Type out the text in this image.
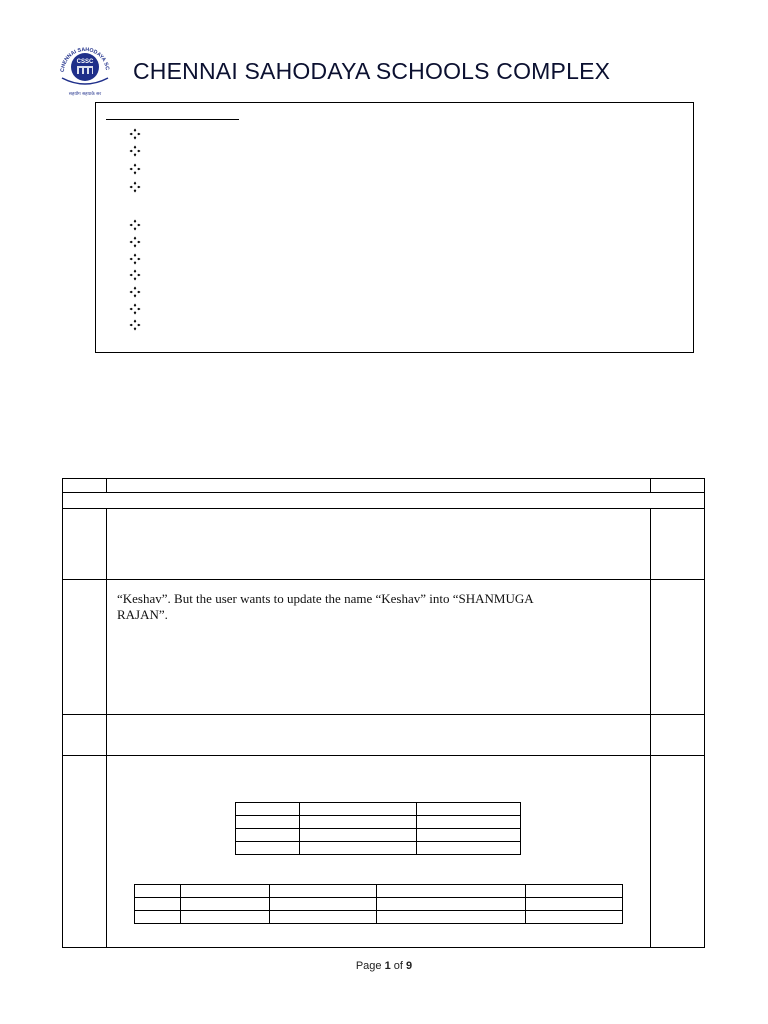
CHENNAI SAHODAYA SC
CSSC
सहयोग सहयाके सर
CHENNAI SAHODAYA SCHOOLS COMPLEX
“Keshav”. But the user wants to update the name “Keshav” into “SHANMUGA
RAJAN”.

Page 1 of 9
